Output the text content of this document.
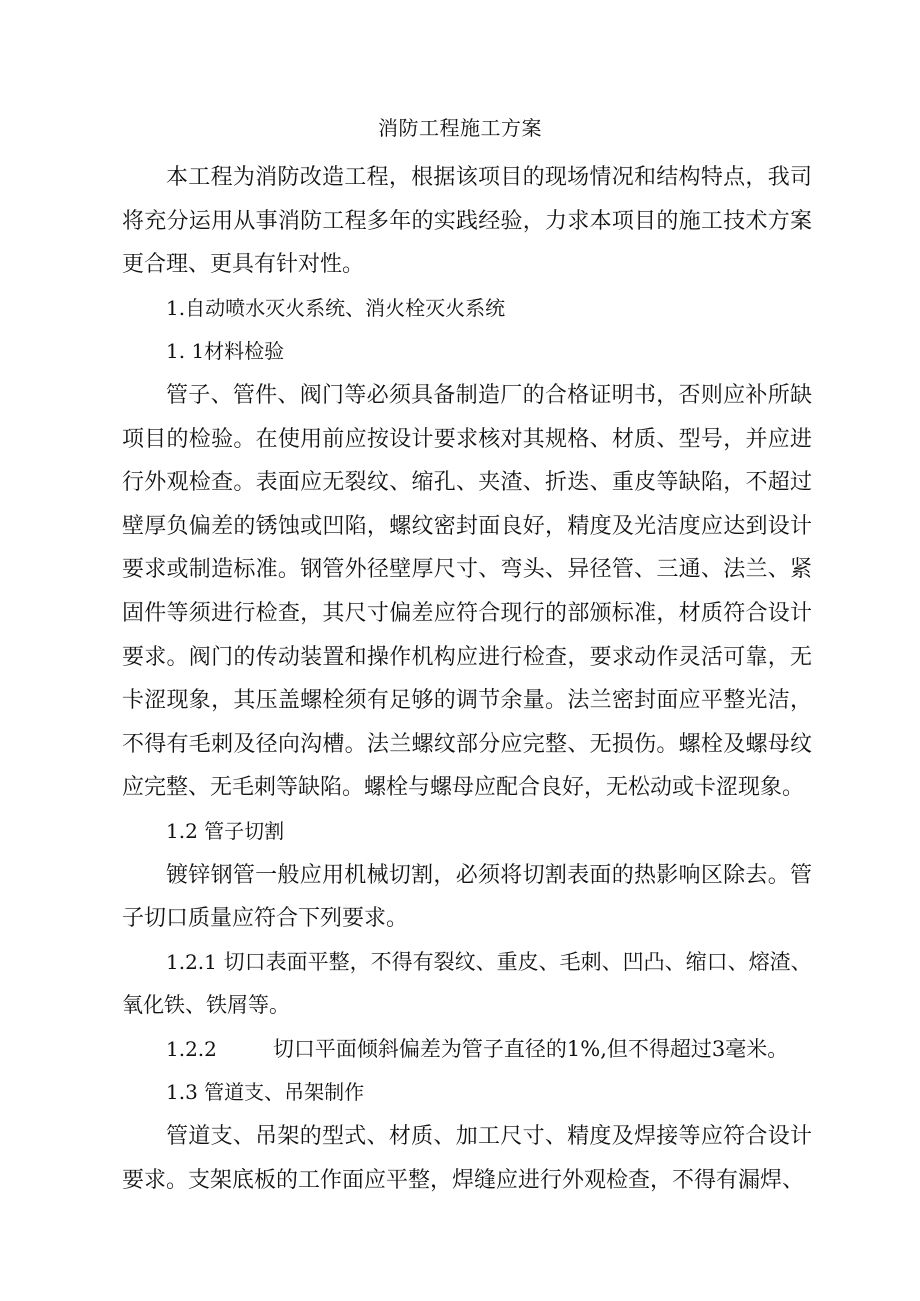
消防工程施工方案

本工程为消防改造工程，根据该项目的现场情况和结构特点，我司将充分运用从事消防工程多年的实践经验，力求本项目的施工技术方案更合理、更具有针对性。

1.自动喷水灭火系统、消火栓灭火系统

1. 1材料检验

管子、管件、阀门等必须具备制造厂的合格证明书，否则应补所缺项目的检验。在使用前应按设计要求核对其规格、材质、型号，并应进行外观检查。表面应无裂纹、缩孔、夹渣、折迭、重皮等缺陷，不超过壁厚负偏差的锈蚀或凹陷，螺纹密封面良好，精度及光洁度应达到设计要求或制造标准。钢管外径壁厚尺寸、弯头、异径管、三通、法兰、紧固件等须进行检查，其尺寸偏差应符合现行的部颁标准，材质符合设计要求。阀门的传动装置和操作机构应进行检查，要求动作灵活可靠，无卡涩现象，其压盖螺栓须有足够的调节余量。法兰密封面应平整光洁，不得有毛刺及径向沟槽。法兰螺纹部分应完整、无损伤。螺栓及螺母纹应完整、无毛刺等缺陷。螺栓与螺母应配合良好，无松动或卡涩现象。

1.2 管子切割

镀锌钢管一般应用机械切割，必须将切割表面的热影响区除去。管子切口质量应符合下列要求。

1.2.1 切口表面平整，不得有裂纹、重皮、毛刺、凹凸、缩口、熔渣、氧化铁、铁屑等。

1.2.2	切口平面倾斜偏差为管子直径的1%,但不得超过3毫米。

1.3 管道支、吊架制作

管道支、吊架的型式、材质、加工尺寸、精度及焊接等应符合设计要求。支架底板的工作面应平整，焊缝应进行外观检查，不得有漏焊、
